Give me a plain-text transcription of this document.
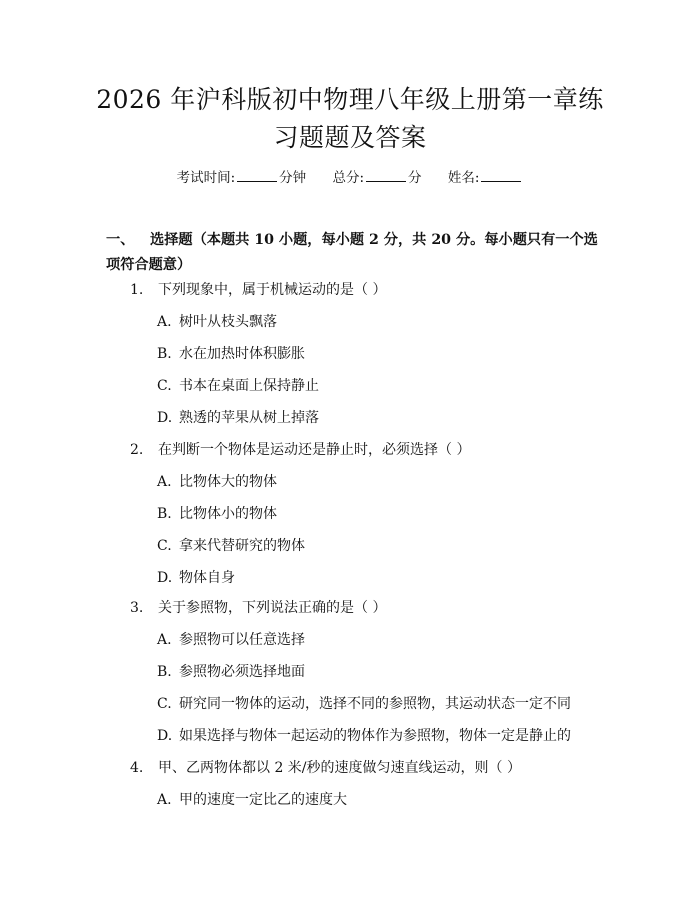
2026 年沪科版初中物理八年级上册第一章练
习题题及答案
考试时间:	分钟 总分:	分 姓名:

一、 选择题（本题共 10 小题，每小题 2 分，共 20 分。每小题只有一个选项符合题意）

1. 下列现象中，属于机械运动的是（ ）
A. 树叶从枝头飘落
B. 水在加热时体积膨胀
C. 书本在桌面上保持静止
D. 熟透的苹果从树上掉落
2. 在判断一个物体是运动还是静止时，必须选择（ ）
A. 比物体大的物体
B. 比物体小的物体
C. 拿来代替研究的物体
D. 物体自身
3. 关于参照物，下列说法正确的是（ ）
A. 参照物可以任意选择
B. 参照物必须选择地面
C. 研究同一物体的运动，选择不同的参照物，其运动状态一定不同
D. 如果选择与物体一起运动的物体作为参照物，物体一定是静止的
4. 甲、乙两物体都以 2 米/秒的速度做匀速直线运动，则（ ）
A. 甲的速度一定比乙的速度大
